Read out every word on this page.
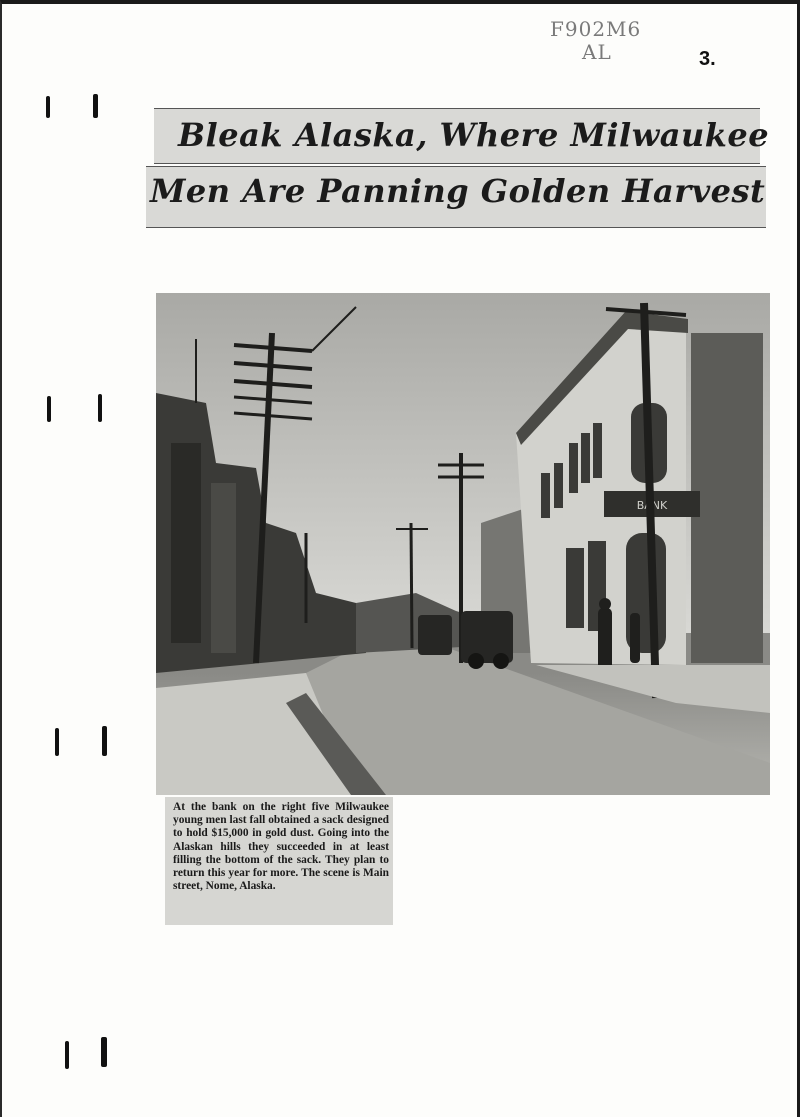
F902M6
AL	3.
Bleak Alaska, Where Milwaukee
Men Are Panning Golden Harvest
BANK

At the bank on the right five Milwaukee young men last fall obtained a sack designed to hold $15,000 in gold dust. Going into the Alaskan hills they succeeded in at least filling the bottom of the sack. They plan to return this year for more. The scene is Main street, Nome, Alaska.
